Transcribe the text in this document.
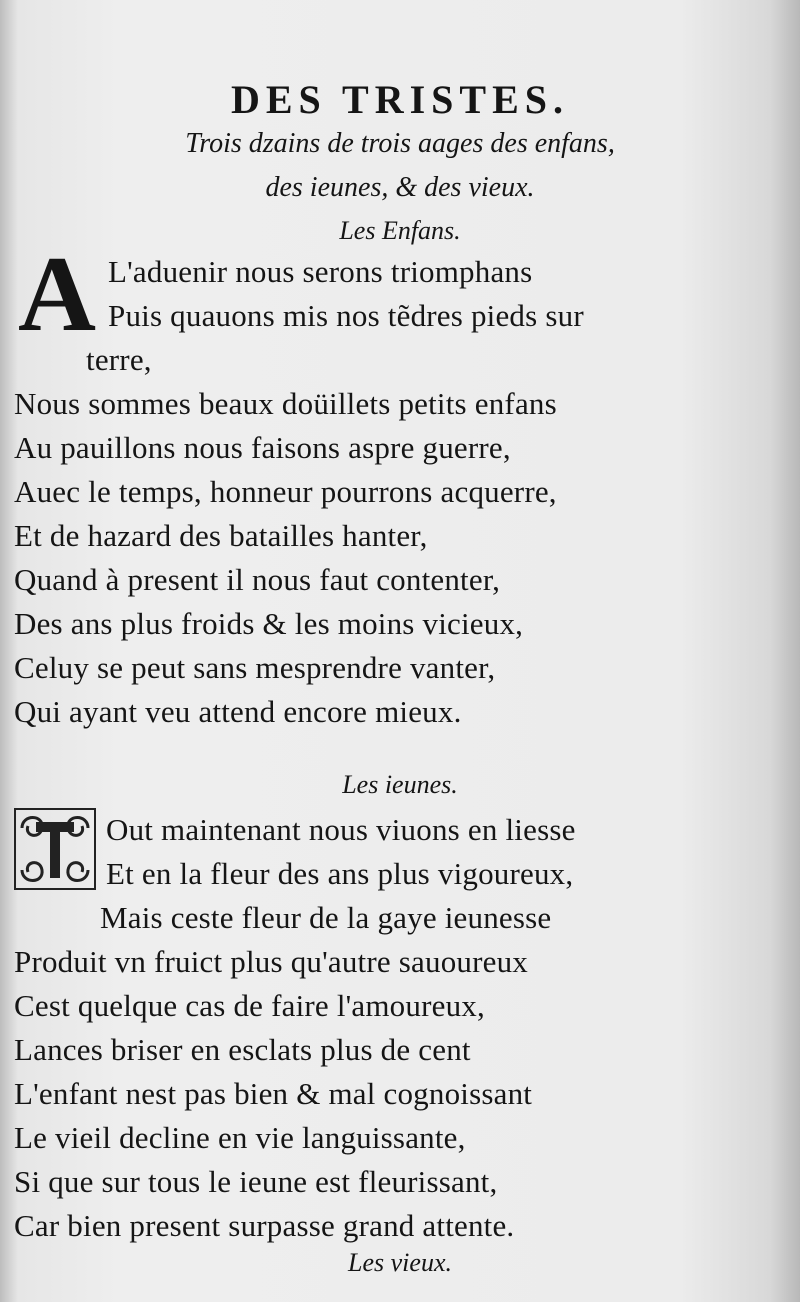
DES TRISTES.
Trois dzains de trois aages des enfans,
des ieunes, & des vieux.
Les Enfans.
A L'aduenir nous serons triomphans
Puis quauons mis nos tẽdres pieds sur
terre,
Nous sommes beaux doüillets petits enfans
Au pauillons nous faisons aspre guerre,
Auec le temps, honneur pourrons acquerre,
Et de hazard des batailles hanter,
Quand à present il nous faut contenter,
Des ans plus froids & les moins vicieux,
Celuy se peut sans mesprendre vanter,
Qui ayant veu attend encore mieux.
Les ieunes.
Out maintenant nous viuons en liesse
Et en la fleur des ans plus vigoureux,
Mais ceste fleur de la gaye ieunesse
Produit vn fruict plus qu'autre sauoureux
Cest quelque cas de faire l'amoureux,
Lances briser en esclats plus de cent
L'enfant nest pas bien & mal cognoissant
Le vieil decline en vie languissante,
Si que sur tous le ieune est fleurissant,
Car bien present surpasse grand attente.
Les vieux.
